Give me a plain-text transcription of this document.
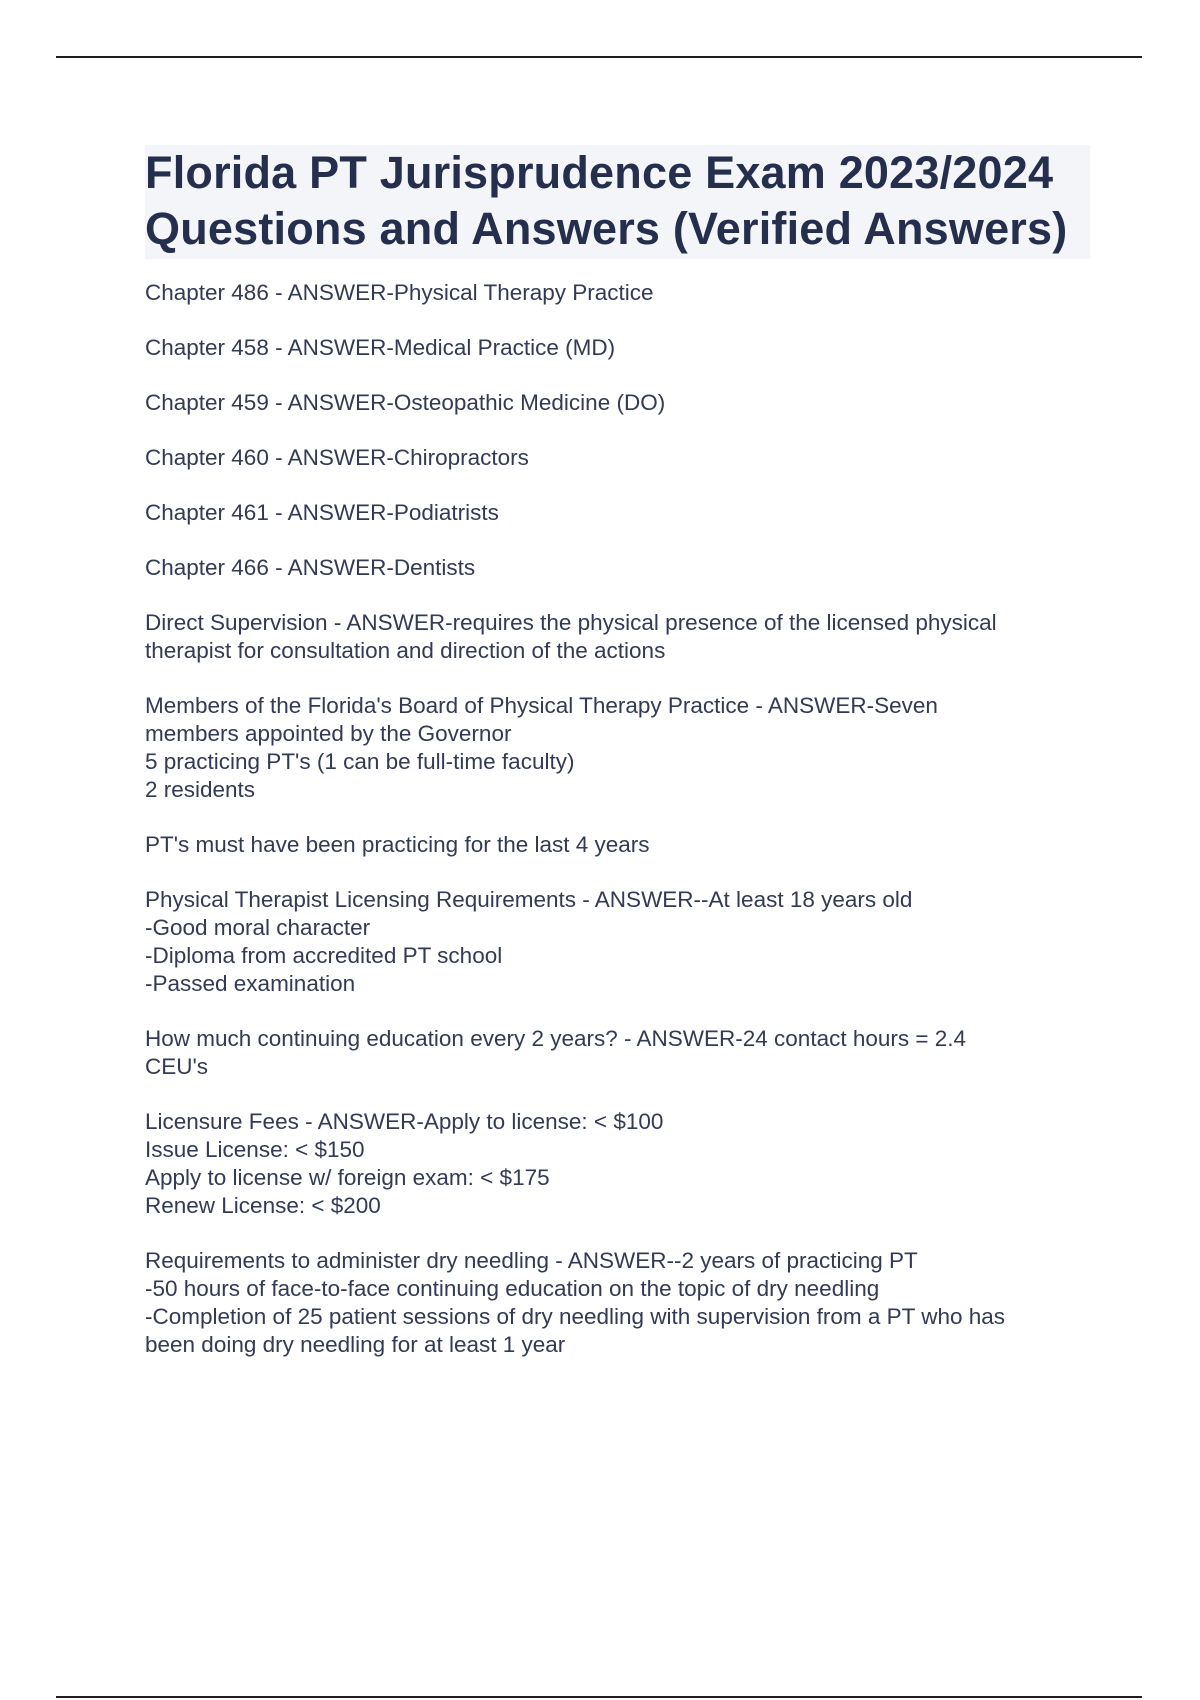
Florida PT Jurisprudence Exam 2023/2024 Questions and Answers (Verified Answers)

Chapter 486 - ANSWER-Physical Therapy Practice

Chapter 458 - ANSWER-Medical Practice (MD)

Chapter 459 - ANSWER-Osteopathic Medicine (DO)

Chapter 460 - ANSWER-Chiropractors

Chapter 461 - ANSWER-Podiatrists

Chapter 466 - ANSWER-Dentists

Direct Supervision - ANSWER-requires the physical presence of the licensed physical
therapist for consultation and direction of the actions

Members of the Florida's Board of Physical Therapy Practice - ANSWER-Seven
members appointed by the Governor
5 practicing PT's (1 can be full-time faculty)
2 residents

PT's must have been practicing for the last 4 years

Physical Therapist Licensing Requirements - ANSWER--At least 18 years old
-Good moral character
-Diploma from accredited PT school
-Passed examination

How much continuing education every 2 years? - ANSWER-24 contact hours = 2.4
CEU's

Licensure Fees - ANSWER-Apply to license: < $100
Issue License: < $150
Apply to license w/ foreign exam: < $175
Renew License: < $200

Requirements to administer dry needling - ANSWER--2 years of practicing PT
-50 hours of face-to-face continuing education on the topic of dry needling
-Completion of 25 patient sessions of dry needling with supervision from a PT who has
been doing dry needling for at least 1 year
